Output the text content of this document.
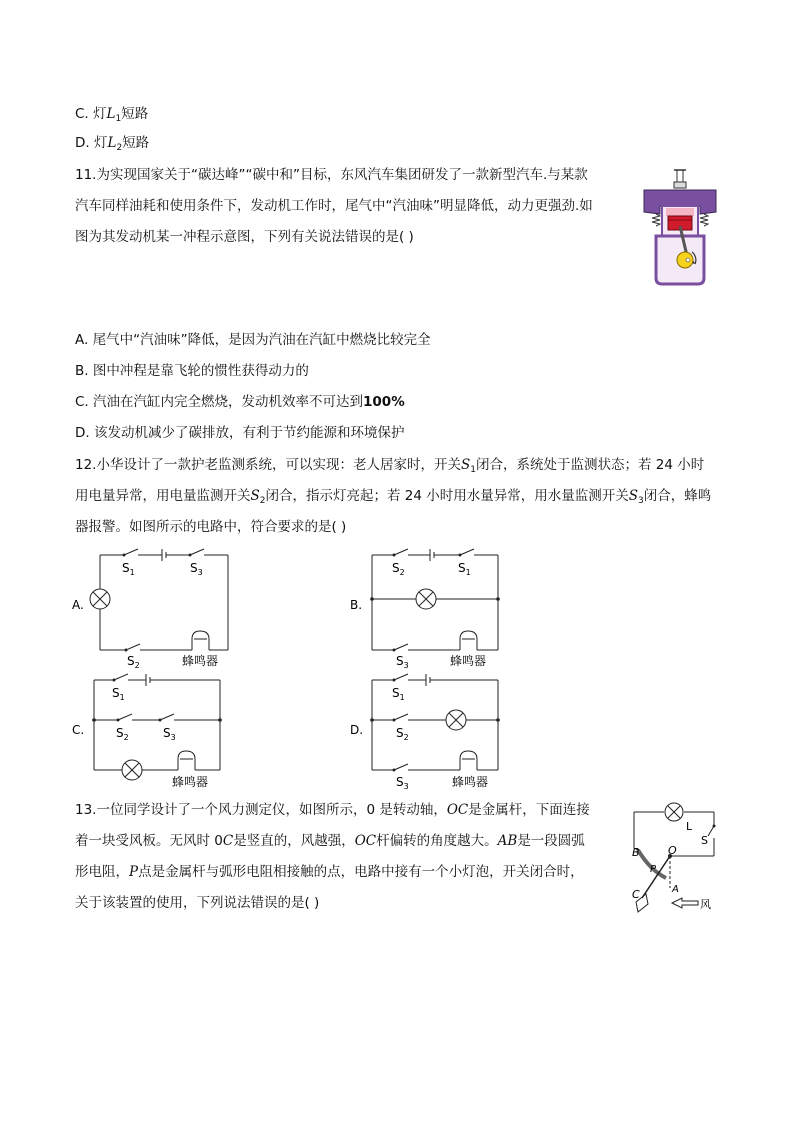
C. 灯$L_1$短路
D. 灯$L_2$短路
11.为实现国家关于“碳达峰”“碳中和”目标，东风汽车集团研发了一款新型汽车.与某款
汽车同样油耗和使用条件下，发动机工作时，尾气中“汽油味”明显降低，动力更强劲.如
图为其发动机某一冲程示意图，下列有关说法错误的是( )
A. 尾气中“汽油味”降低，是因为汽油在汽缸中燃烧比较完全
B. 图中冲程是靠飞轮的惯性获得动力的
C. 汽油在汽缸内完全燃烧，发动机效率不可达到100%
D. 该发动机减少了碳排放，有利于节约能源和环境保护
12.小华设计了一款护老监测系统，可以实现：老人居家时，开关$S_1$闭合，系统处于监测状态；若 24 小时
用电量异常，用电量监测开关$S_2$闭合，指示灯亮起；若 24 小时用水量异常，用水量监测开关$S_3$闭合，蜂鸣
器报警。如图所示的电路中，符合要求的是( )
A.
$S_1$	$S_3$
$S_2$	蜂鸣器
B.
$S_2$	$S_1$
$S_3$	蜂鸣器
C.
$S_1$
$S_2$	$S_3$
蜂鸣器
D.
$S_1$
$S_2$
$S_3$	蜂鸣器
13.一位同学设计了一个风力测定仪，如图所示，0 是转动轴，OC是金属杆，下面连接
着一块受风板。无风时 0C是竖直的，风越强，OC杆偏转的角度越大。AB是一段圆弧
形电阻，P点是金属杆与弧形电阻相接触的点，电路中接有一个小灯泡，开关闭合时，
关于该装置的使用，下列说法错误的是( )
L
S
B	O
P
C	A
风
